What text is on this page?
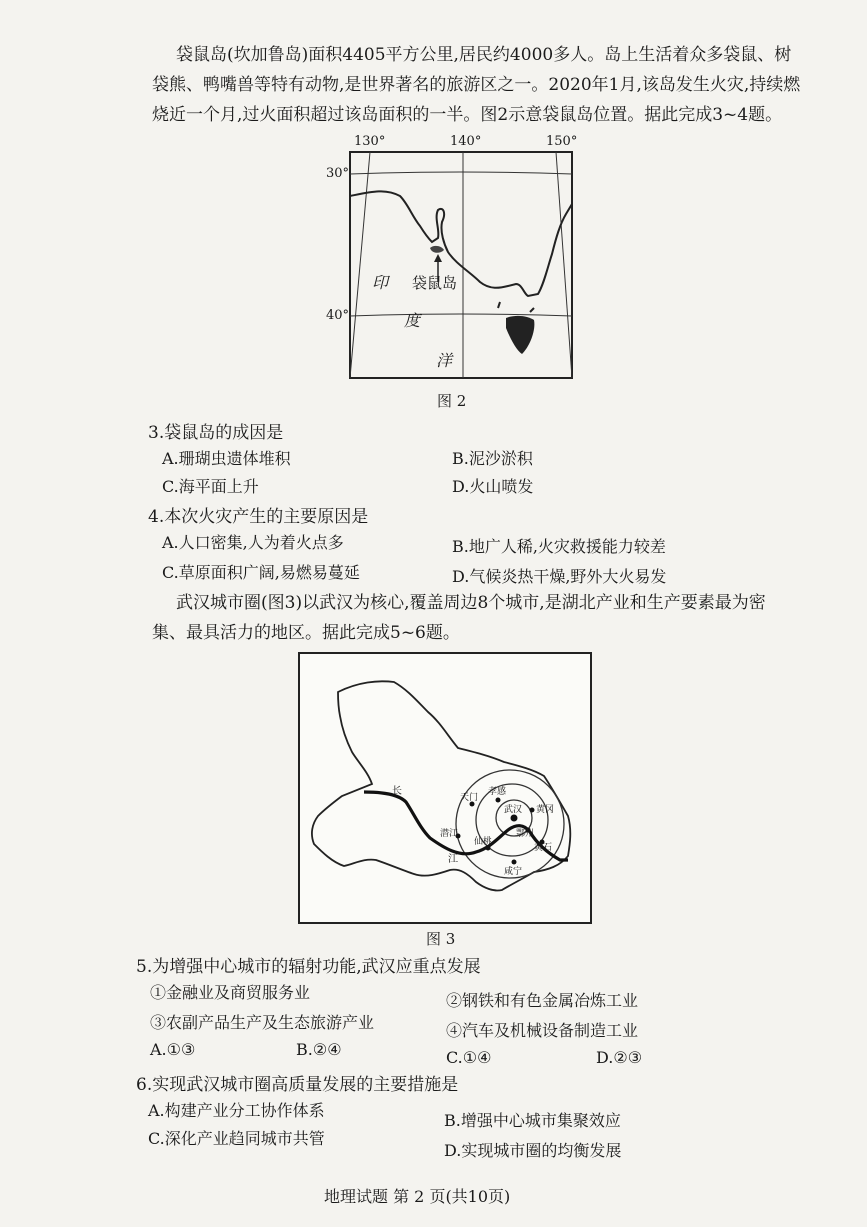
袋鼠岛(坎加鲁岛)面积4405平方公里,居民约4000多人。岛上生活着众多袋鼠、树
袋熊、鸭嘴兽等特有动物,是世界著名的旅游区之一。2020年1月,该岛发生火灾,持续燃
烧近一个月,过火面积超过该岛面积的一半。图2示意袋鼠岛位置。据此完成3~4题。
130°	140°	150°
30°
40°
袋鼠岛
印
度
洋
图 2
3.袋鼠岛的成因是
A.珊瑚虫遗体堆积	B.泥沙淤积
C.海平面上升	D.火山喷发
4.本次火灾产生的主要原因是
A.人口密集,人为着火点多	B.地广人稀,火灾救援能力较差
C.草原面积广阔,易燃易蔓延	D.气候炎热干燥,野外大火易发
武汉城市圈(图3)以武汉为核心,覆盖周边8个城市,是湖北产业和生产要素最为密
集、最具活力的地区。据此完成5~6题。
长
江
孝感
天门
武汉 黄冈
潜江
仙桃
鄂州
黄石
咸宁
图 3
5.为增强中心城市的辐射功能,武汉应重点发展
①金融业及商贸服务业	②钢铁和有色金属冶炼工业
③农副产品生产及生态旅游产业	④汽车及机械设备制造工业
A.①③	B.②④	C.①④	D.②③
6.实现武汉城市圈高质量发展的主要措施是
A.构建产业分工协作体系
B.增强中心城市集聚效应
C.深化产业趋同城市共管
D.实现城市圈的均衡发展
地理试题 第 2 页(共10页)
